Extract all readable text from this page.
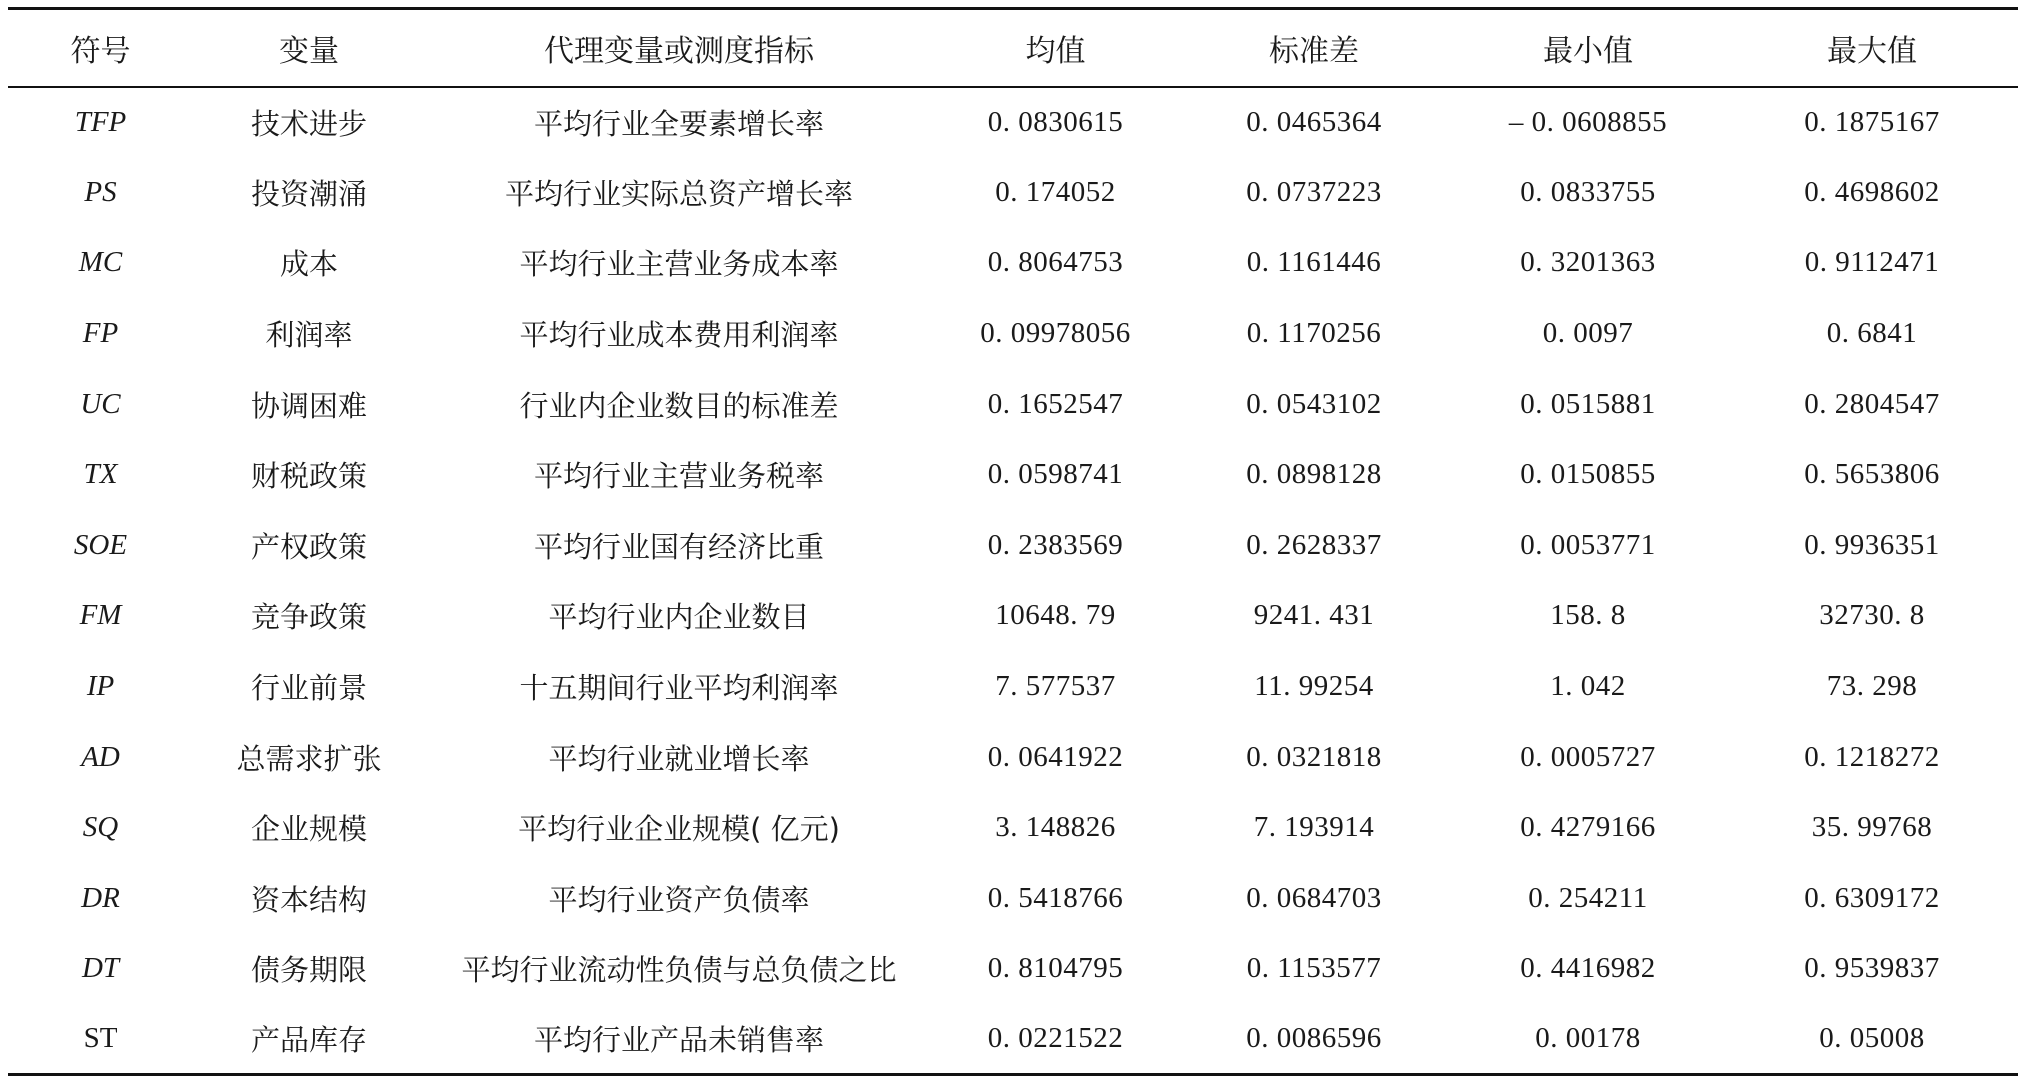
符号	变量	代理变量或测度指标	均值	标准差	最小值	最大值
TFP	技术进步	平均行业全要素增长率	0. 0830615	0. 0465364	– 0. 0608855	0. 1875167
PS	投资潮涌	平均行业实际总资产增长率	0. 174052	0. 0737223	0. 0833755	0. 4698602
MC	成本	平均行业主营业务成本率	0. 8064753	0. 1161446	0. 3201363	0. 9112471
FP	利润率	平均行业成本费用利润率	0. 09978056	0. 1170256	0. 0097	0. 6841
UC	协调困难	行业内企业数目的标准差	0. 1652547	0. 0543102	0. 0515881	0. 2804547
TX	财税政策	平均行业主营业务税率	0. 0598741	0. 0898128	0. 0150855	0. 5653806
SOE	产权政策	平均行业国有经济比重	0. 2383569	0. 2628337	0. 0053771	0. 9936351
FM	竞争政策	平均行业内企业数目	10648. 79	9241. 431	158. 8	32730. 8
IP	行业前景	十五期间行业平均利润率	7. 577537	11. 99254	1. 042	73. 298
AD	总需求扩张	平均行业就业增长率	0. 0641922	0. 0321818	0. 0005727	0. 1218272
SQ	企业规模	平均行业企业规模( 亿元)	3. 148826	7. 193914	0. 4279166	35. 99768
DR	资本结构	平均行业资产负债率	0. 5418766	0. 0684703	0. 254211	0. 6309172
DT	债务期限	平均行业流动性负债与总负债之比	0. 8104795	0. 1153577	0. 4416982	0. 9539837
ST	产品库存	平均行业产品未销售率	0. 0221522	0. 0086596	0. 00178	0. 05008
